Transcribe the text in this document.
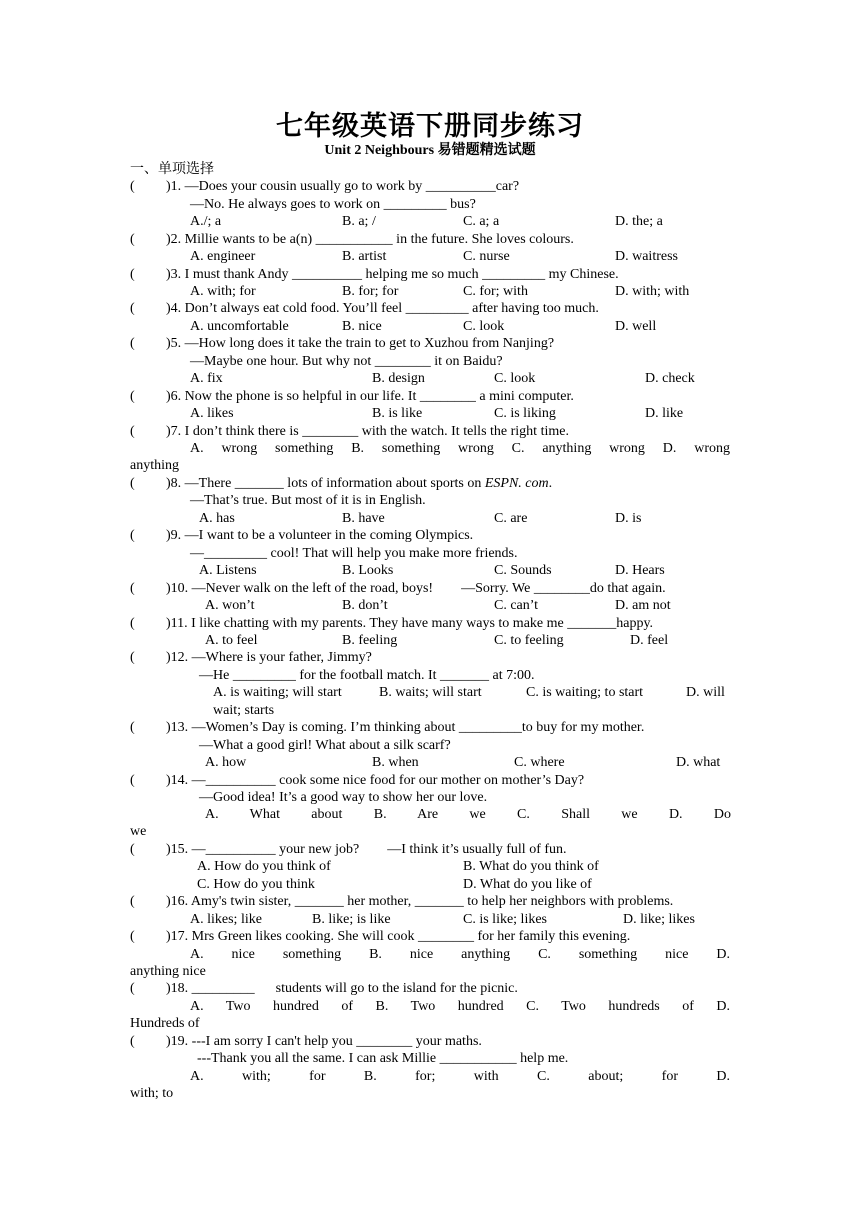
七年级英语下册同步练习
Unit 2 Neighbours 易错题精选试题
一、单项选择
( )1. —Does your cousin usually go to work by __________car?
—No. He always goes to work on _________ bus?
A./; a	B. a; /	C. a; a	D. the; a
( )2. Millie wants to be a(n) ___________ in the future. She loves colours.
A. engineer	B. artist	C. nurse	D. waitress
( )3. I must thank Andy __________ helping me so much _________ my Chinese.
A. with; for	B. for; for	C. for; with	D. with; with
( )4. Don’t always eat cold food. You’ll feel _________ after having too much.
A. uncomfortable	B. nice	C. look	D. well
( )5. —How long does it take the train to get to Xuzhou from Nanjing?
—Maybe one hour. But why not ________ it on Baidu?
A. fix	B. design	C. look	D. check
( )6. Now the phone is so helpful in our life. It ________ a mini computer.
A. likes	B. is like	C. is liking	D. like
( )7. I don’t think there is ________ with the watch. It tells the right time.
A. wrong something B. something wrong C. anything wrong D. wrong
anything
( )8. —There _______ lots of information about sports on ESPN. com.
—That’s true. But most of it is in English.
A. has	B. have	C. are	D. is
( )9. —I want to be a volunteer in the coming Olympics.
—_________ cool! That will help you make more friends.
A. Listens	B. Looks	C. Sounds	D. Hears
( )10. —Never walk on the left of the road, boys!        —Sorry. We ________do that again.
A. won’t	B. don’t	C. can’t	D. am not
( )11. I like chatting with my parents. They have many ways to make me _______happy.
A. to feel	B. feeling	C. to feeling	D. feel
( )12. —Where is your father, Jimmy?
—He _________ for the football match. It _______ at 7:00.
A. is waiting; will start	B. waits; will start	C. is waiting; to start	D. will
wait; starts
( )13. —Women’s Day is coming. I’m thinking about _________to buy for my mother.
—What a good girl! What about a silk scarf?
A. how	B. when	C. where	D. what
( )14. —__________ cook some nice food for our mother on mother’s Day?
—Good idea! It’s a good way to show her our love.
A. What about B. Are we C. Shall we D. Do
we
( )15. —__________ your new job?        —I think it’s usually full of fun.
A. How do you think of	B. What do you think of
C. How do you think	D. What do you like of
( )16. Amy's twin sister, _______ her mother, _______ to help her neighbors with problems.
A. likes; like	B. like; is like	C. is like; likes	D. like; likes
( )17. Mrs Green likes cooking. She will cook ________ for her family this evening.
A. nice something B. nice anything C. something nice D.
anything nice
( )18. _________      students will go to the island for the picnic.
A. Two hundred of B. Two hundred C. Two hundreds of D.
Hundreds of
( )19. ---I am sorry I can't help you ________ your maths.
---Thank you all the same. I can ask Millie ___________ help me.
A. with; for B. for; with C. about; for D.
with; to
